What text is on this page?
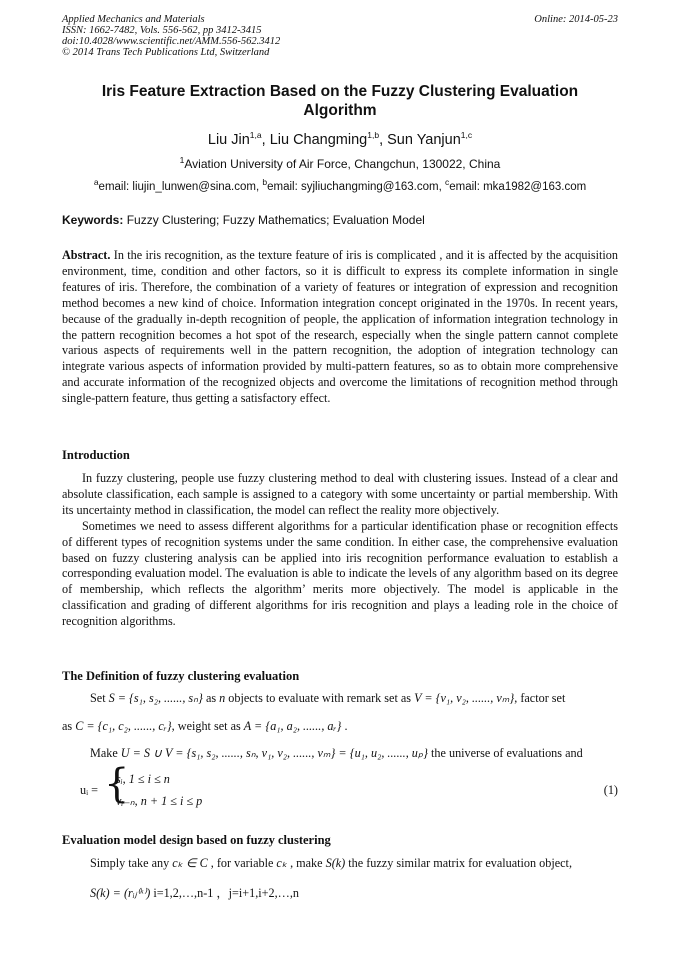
Applied Mechanics and Materials
ISSN: 1662-7482, Vols. 556-562, pp 3412-3415
doi:10.4028/www.scientific.net/AMM.556-562.3412
© 2014 Trans Tech Publications Ltd, Switzerland
Online: 2014-05-23
Iris Feature Extraction Based on the Fuzzy Clustering Evaluation
Algorithm
Liu Jin$^{1,a}$, Liu Changming$^{1,b}$, Sun Yanjun$^{1,c}$
$^1$Aviation University of Air Force, Changchun, 130022, China
$^a$email: liujin_lunwen@sina.com, $^b$email: syjliuchangming@163.com, $^c$email: mka1982@163.com
Keywords: Fuzzy Clustering; Fuzzy Mathematics; Evaluation Model
Abstract. In the iris recognition, as the texture feature of iris is complicated , and it is affected by the acquisition environment, time, condition and other factors, so it is difficult to express its complete information in single features of iris. Therefore, the combination of a variety of features or integration of expression and recognition method becomes a new kind of choice. Information integration concept originated in the 1970s. In recent years, because of the gradually in-depth recognition of people, the application of information integration technology in the pattern recognition becomes a hot spot of the research, especially when the single pattern cannot complete various aspects of requirements well in the pattern recognition, the adoption of integration technology can integrate various aspects of information provided by multi-pattern features, so as to obtain more comprehensive and accurate information of the recognized objects and overcome the limitations of recognition method through single-pattern feature, thus getting a satisfactory effect.
Introduction

In fuzzy clustering, people use fuzzy clustering method to deal with clustering issues. Instead of a clear and absolute classification, each sample is assigned to a category with some uncertainty or partial membership. With its uncertainty method in classification, the model can reflect the reality more objectively.

Sometimes we need to assess different algorithms for a particular identification phase or recognition effects of different types of recognition systems under the same condition. In either case, the comprehensive evaluation based on fuzzy clustering analysis can be applied into iris recognition performance evaluation to establish a corresponding evaluation model. The evaluation is able to indicate the levels of any algorithm based on its degree of membership, which reflects the algorithm’ merits more objectively. The model is applicable in the classification and grading of different algorithms for iris recognition and plays a leading role in the choice of recognition algorithms.

The Definition of fuzzy clustering evaluation
Set S = {s₁, s₂, ......, sₙ} as n objects to evaluate with remark set as V = {v₁, v₂, ......, vₘ}, factor set
as C = {c₁, c₂, ......, cᵣ}, weight set as A = {a₁, a₂, ......, aᵣ} .
Make U = S ∪ V = {s₁, s₂, ......, sₙ, v₁, v₂, ......, vₘ} = {u₁, u₂, ......, uₚ} the universe of evaluations and
uᵢ = {
sᵢ, 1 ≤ i ≤ n
vᵢ₋ₙ, n + 1 ≤ i ≤ p
(1)
Evaluation model design based on fuzzy clustering
Simply take any cₖ ∈ C , for variable cₖ , make S(k) the fuzzy similar matrix for evaluation object,
S(k) = (rᵢⱼ⁽ᵏ⁾) i=1,2,…,n-1 ，j=i+1,i+2,…,n
